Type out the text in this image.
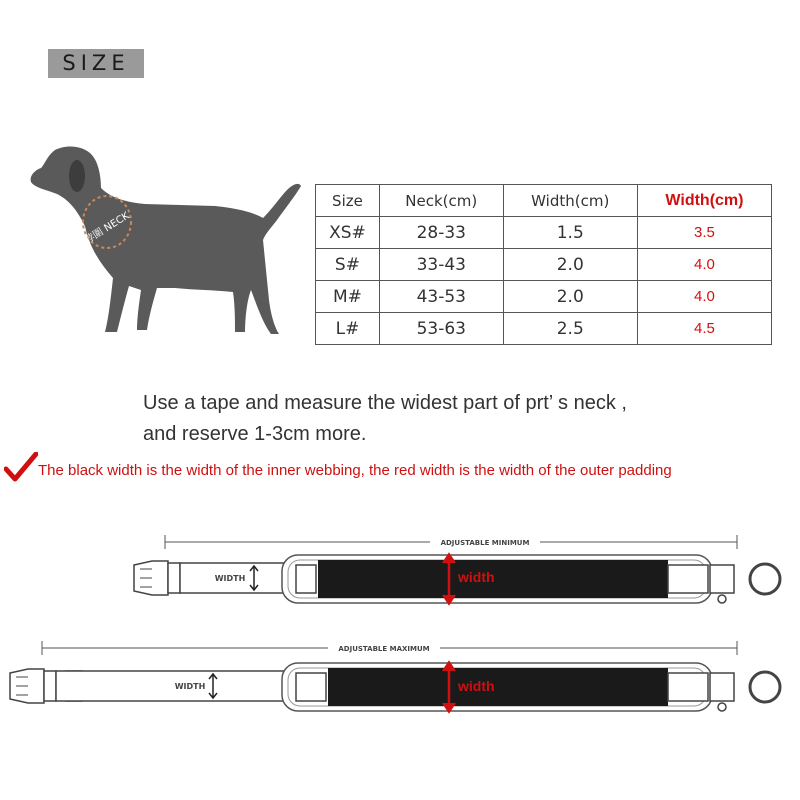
SIZE
脖圍 NECK
Size	Neck(cm)	Width(cm)	Width(cm)
XS#	28-33	1.5	3.5
S#	33-43	2.0	4.0
M#	43-53	2.0	4.0
L#	53-63	2.5	4.5
Use a tape and measure the widest part of prt’ s neck ,
and reserve 1-3cm more.
The black width is the width of the inner webbing, the red width is the width of the outer padding
ADJUSTABLE MINIMUM
WIDTH	width
ADJUSTABLE MAXIMUM
WIDTH	width
